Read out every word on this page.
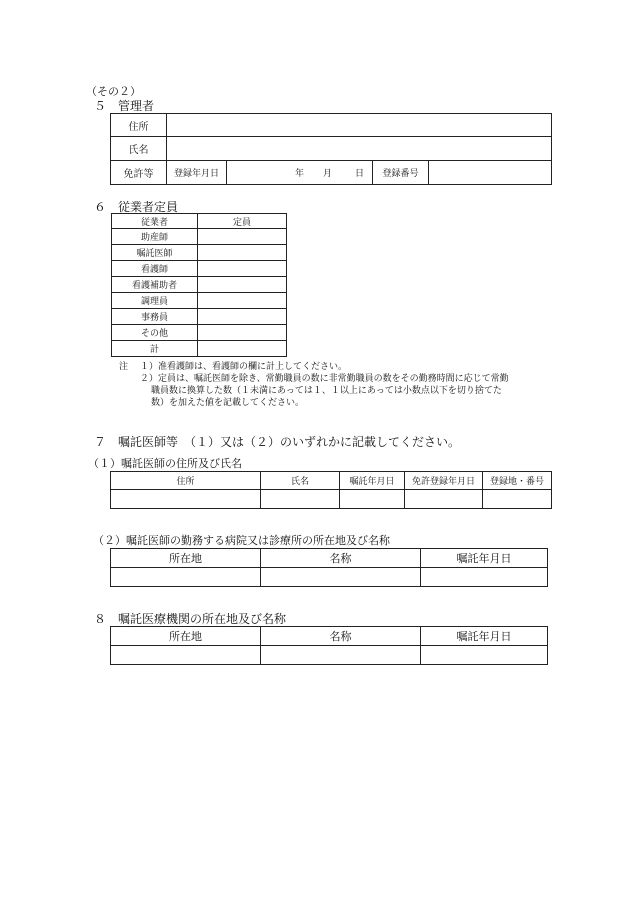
（その２）
５　管理者
住所				
氏名				
免許等	登録年月日	年 月 日	登録番号	
６　従業者定員
従業者	定員
助産師	
嘱託医師	
看護師	
看護補助者	
調理員	
事務員	
その他	
計	
注 １）准看護師は、看護師の欄に計上してください。
２）定員は、嘱託医師を除き、常勤職員の数に非常勤職員の数をその勤務時間に応じて常勤
職員数に換算した数（１未満にあっては１、１以上にあっては小数点以下を切り捨てた
数）を加えた値を記載してください。
７　嘱託医師等　（１）又は（２）のいずれかに記載してください。
（１）嘱託医師の住所及び氏名
住所	氏名	嘱託年月日	免許登録年月日	登録地・番号

（２）嘱託医師の勤務する病院又は診療所の所在地及び名称
所在地	名称	嘱託年月日

８　嘱託医療機関の所在地及び名称
所在地	名称	嘱託年月日
